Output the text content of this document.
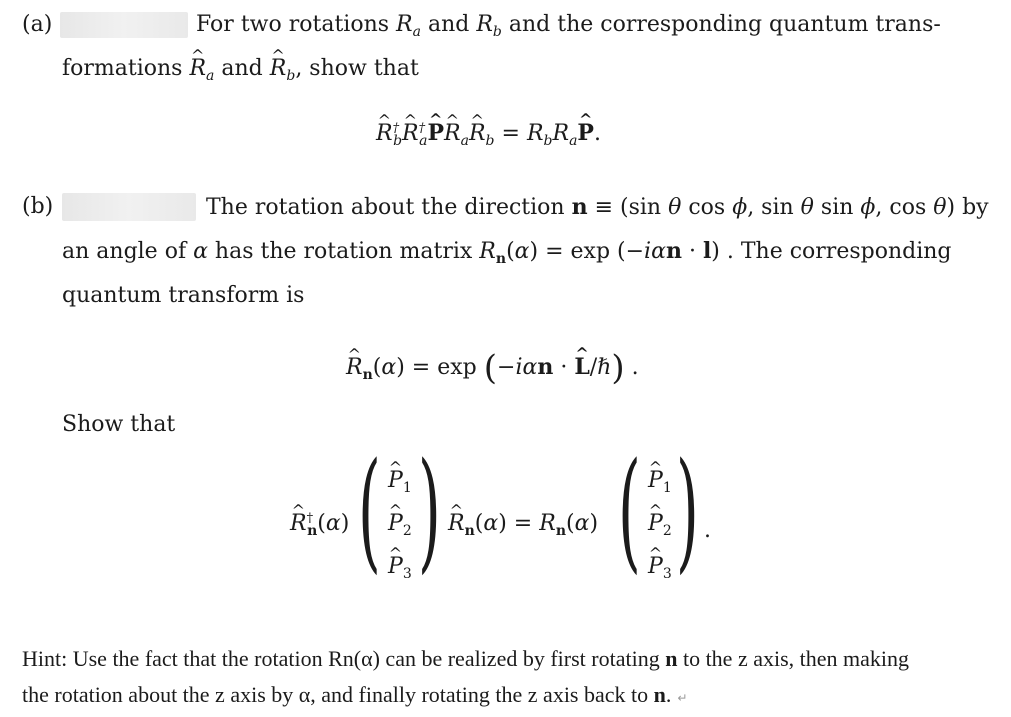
(a)	For two rotations $R_a$ and $R_b$ and the corresponding quantum trans-
formations R $\^{}_a$ and R $\^{}_b$, show that
R $\^{}^\dagger_bR$ $\^{}^\dagger_aP$ ^R $\^{}_aR$ $\^{}_b = R_bR_aP$ ^.
(b)	The rotation about the direction n ≡ (sin θ cos ϕ, sin θ sin ϕ, cos θ) by
an angle of α has the rotation matrix $R_n(\alpha) = \exp (-i\alpha n \cdot l)$ . The corresponding
quantum transform is
R $\^{}_n(\alpha) = \exp (-i\alpha n \cdot L$ ^/ℏ) .
Show that
R $\^{}^\dagger_n(\alpha)$ ( P $\^{}_1$
P $\^{}_2$
P $\^{}_3$ ) R $\^{}_n(\alpha) = R_n(\alpha)$ ( P $\^{}_1$
P $\^{}_2$
P $\^{}_3$ ) .
Hint: Use the fact that the rotation Rn(α) can be realized by first rotating n to the z axis, then making
the rotation about the z axis by α, and finally rotating the z axis back to n. ↵
